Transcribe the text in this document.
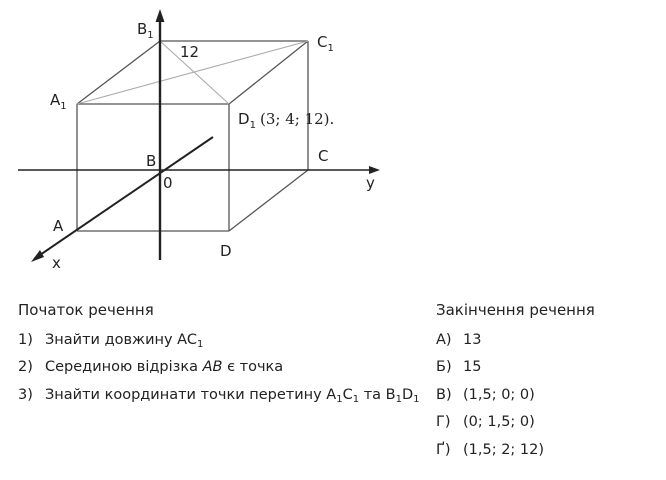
$B_1$	$C_1$
$A_1$
$D_1$ (3; 4; 12).
12
B	C
A
D
0	y
x
Початок речення
1) Знайти довжину $AC_1$
2) Серединою відрізка AB є точка
3) Знайти координати точки перетину $A_1C_1$ та $B_1D_1$
Закінчення речення
А) 13
Б) 15
В) (1,5; 0; 0)
Г) (0; 1,5; 0)
Ґ) (1,5; 2; 12)
